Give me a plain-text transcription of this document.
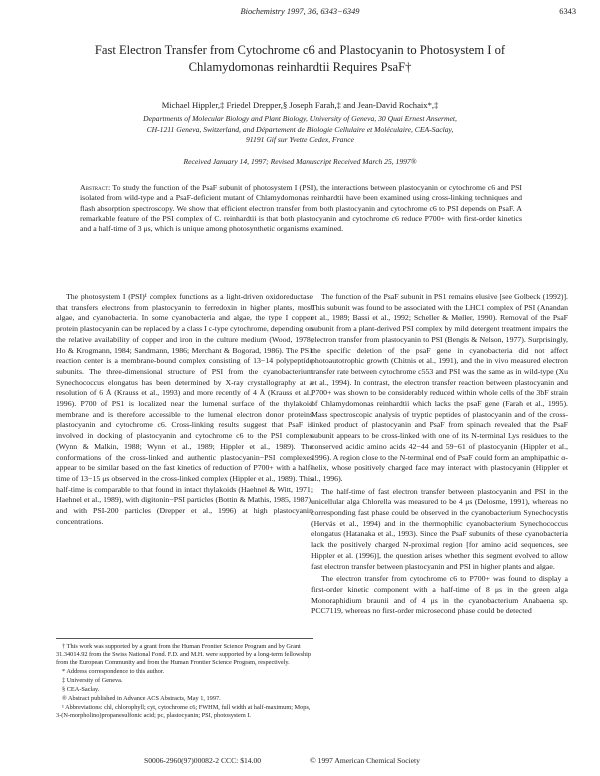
Biochemistry 1997, 36, 6343−6349	6343
Fast Electron Transfer from Cytochrome c6 and Plastocyanin to Photosystem I of
Chlamydomonas reinhardtii Requires PsaF†
Michael Hippler,‡ Friedel Drepper,§ Joseph Farah,‡ and Jean-David Rochaix*,‡
Departments of Molecular Biology and Plant Biology, University of Geneva, 30 Quai Ernest Ansermet,
CH-1211 Geneva, Switzerland, and Département de Biologie Cellulaire et Moléculaire, CEA-Saclay,
91191 Gif sur Yvette Cedex, France
Received January 14, 1997; Revised Manuscript Received March 25, 1997®

Abstract: To study the function of the PsaF subunit of photosystem I (PSI), the interactions between plastocyanin or cytochrome c6 and PSI isolated from wild-type and a PsaF-deficient mutant of Chlamydomonas reinhardtii have been examined using cross-linking techniques and flash absorption spectroscopy. We show that efficient electron transfer from both plastocyanin and cytochrome c6 to PSI depends on PsaF. A remarkable feature of the PSI complex of C. reinhardtii is that both plastocyanin and cytochrome c6 reduce P700+ with first-order kinetics and a half-time of 3 μs, which is unique among photosynthetic organisms examined.

The photosystem I (PSI)¹ complex functions as a light-driven oxidoreductase that transfers electrons from plastocyanin to ferredoxin in higher plants, most algae, and cyanobacteria. In some cyanobacteria and algae, the type I copper protein plastocyanin can be replaced by a class I c-type cytochrome, depending on the relative availability of copper and iron in the culture medium (Wood, 1978; Ho & Krogmann, 1984; Sandmann, 1986; Merchant & Bogorad, 1986). The PS1 reaction center is a membrane-bound complex consisting of 13−14 polypeptide subunits. The three-dimensional structure of PSI from the cyanobacterium Synechococcus elongatus has been determined by X-ray crystallography at a resolution of 6 Å (Krauss et al., 1993) and more recently of 4 Å (Krauss et al., 1996). P700 of PS1 is localized near the lumenal surface of the thylakoid membrane and is therefore accessible to the lumenal electron donor proteins plastocyanin and cytochrome c6. Cross-linking results suggest that PsaF is involved in docking of plastocyanin and cytochrome c6 to the PSI complex (Wynn & Malkin, 1988; Wynn et al., 1989; Hippler et al., 1989). The conformations of the cross-linked and authentic plastocyanin−PSI complexes appear to be similar based on the fast kinetics of reduction of P700+ with a half-time of 13−15 μs observed in the cross-linked complex (Hippler et al., 1989). This half-time is comparable to that found in intact thylakoids (Haehnel & Witt, 1971; Haehnel et al., 1989), with digitonin−PSI particles (Bottin & Mathis, 1985, 1987), and with PSI-200 particles (Drepper et al., 1996) at high plastocyanin concentrations.

The function of the PsaF subunit in PS1 remains elusive [see Golbeck (1992)]. This subunit was found to be associated with the LHC1 complex of PSI (Anandan et al., 1989; Bassi et al., 1992; Scheller & Møller, 1990). Removal of the PsaF subunit from a plant-derived PSI complex by mild detergent treatment impairs the electron transfer from plastocyanin to PSI (Bengis & Nelson, 1977). Surprisingly, the specific deletion of the psaF gene in cyanobacteria did not affect photoautotrophic growth (Chitnis et al., 1991), and the in vivo measured electron transfer rate between cytochrome c553 and PSI was the same as in wild-type (Xu et al., 1994). In contrast, the electron transfer reaction between plastocyanin and P700+ was shown to be considerably reduced within whole cells of the 3bF strain of Chlamydomonas reinhardtii which lacks the psaF gene (Farah et al., 1995). Mass spectroscopic analysis of tryptic peptides of plastocyanin and of the cross-linked product of plastocyanin and PsaF from spinach revealed that the PsaF subunit appears to be cross-linked with one of its N-terminal Lys residues to the conserved acidic amino acids 42−44 and 59−61 of plastocyanin (Hippler et al., 1996). A region close to the N-terminal end of PsaF could form an amphipathic α-helix, whose positively charged face may interact with plastocyanin (Hippler et al., 1996).

The half-time of fast electron transfer between plastocyanin and PSI in the unicellular alga Chlorella was measured to be 4 μs (Delosme, 1991), whereas no corresponding fast phase could be observed in the cyanobacterium Synechocystis (Hervás et al., 1994) and in the thermophilic cyanobacterium Synechococcus elongatus (Hatanaka et al., 1993). Since the PsaF subunits of these cyanobacteria lack the positively charged N-proximal region [for amino acid sequences, see Hippler et al. (1996)], the question arises whether this segment evolved to allow fast electron transfer between plastocyanin and PSI in higher plants and algae.

The electron transfer from cytochrome c6 to P700+ was found to display a first-order kinetic component with a half-time of 8 μs in the green alga Monoraphidium braunii and of 4 μs in the cyanobacterium Anabaena sp. PCC7119, whereas no first-order microsecond phase could be detected

† This work was supported by a grant from the Human Frontier Science Program and by Grant 31.34014.92 from the Swiss National Fond. F.D. and M.H. were supported by a long-term fellowship from the European Community and from the Human Frontier Science Program, respectively.
* Address correspondence to this author.
‡ University of Geneva.
§ CEA-Saclay.
® Abstract published in Advance ACS Abstracts, May 1, 1997.
¹ Abbreviations: chl, chlorophyll; cyt, cytochrome c6; FWHM, full width at half-maximum; Mops, 3-(N-morpholino)propanesulfonic acid; pc, plastocyanin; PSI, photosystem I.
S0006-2960(97)00082-2 CCC: $14.00	© 1997 American Chemical Society
